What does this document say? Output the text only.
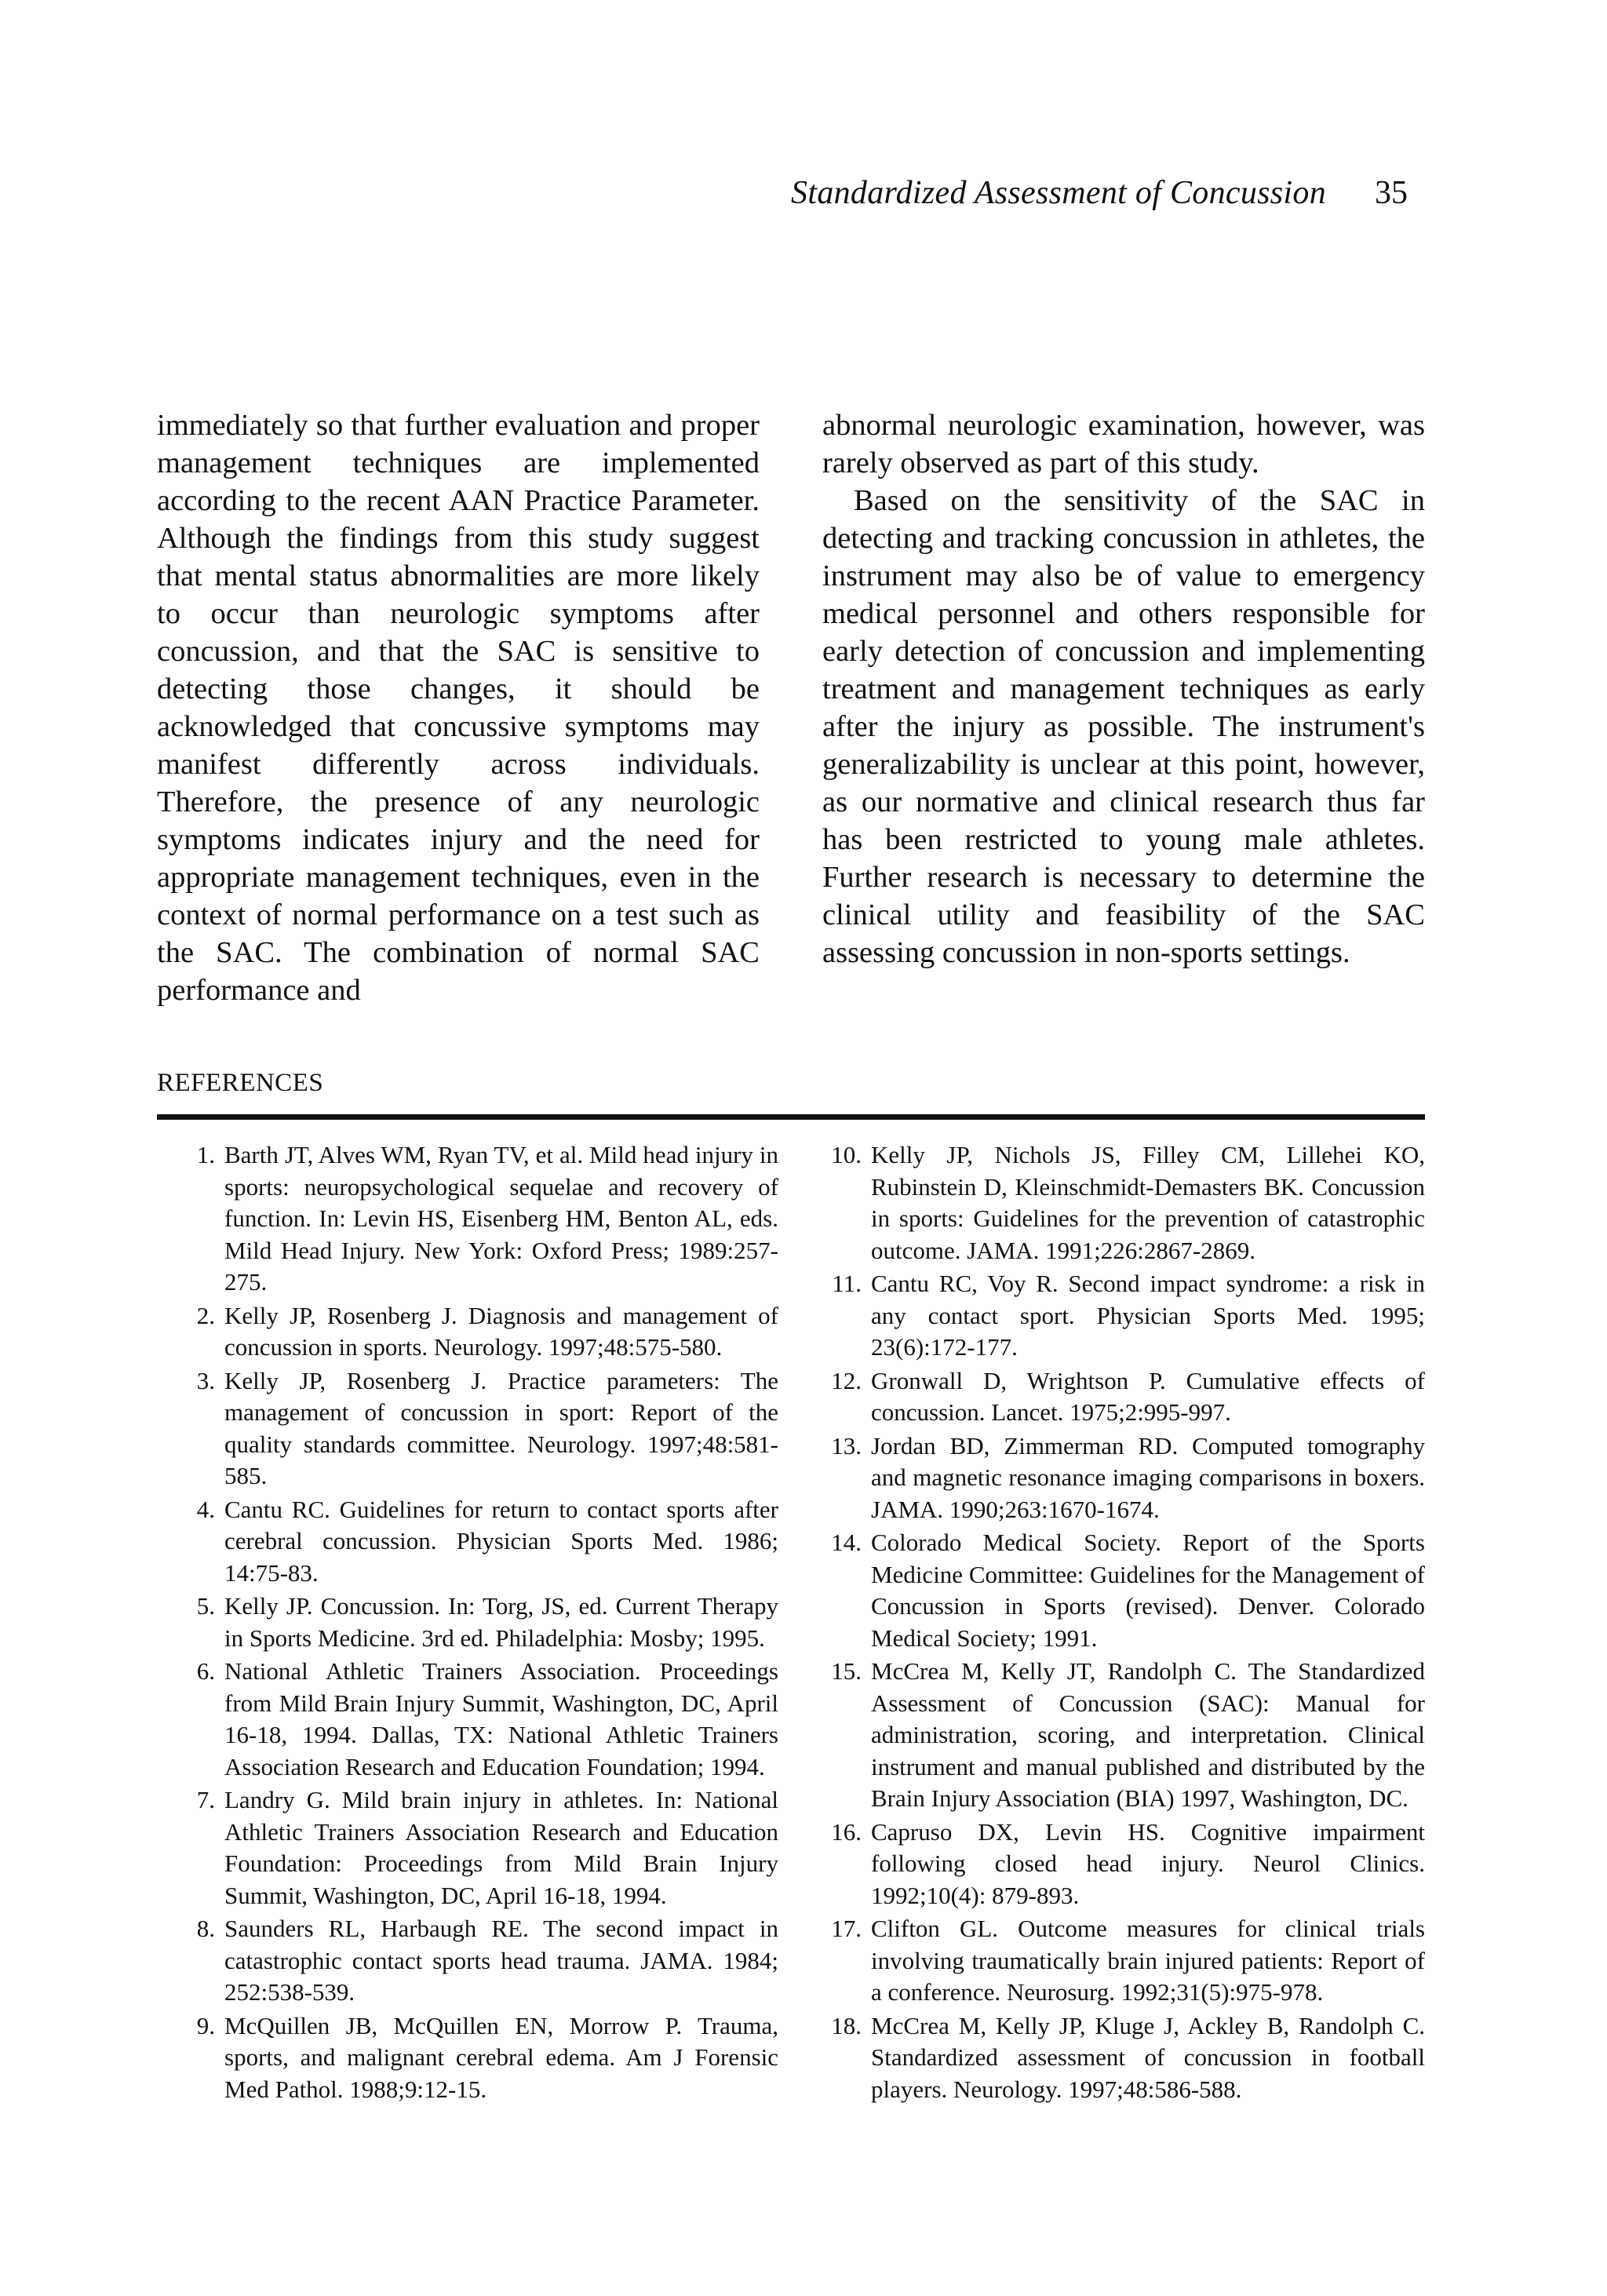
Standardized Assessment of Concussion 35

immediately so that further evaluation and proper management techniques are implemented according to the recent AAN Practice Parameter. Although the findings from this study suggest that mental status abnormalities are more likely to occur than neurologic symptoms after concussion, and that the SAC is sensitive to detecting those changes, it should be acknowledged that concussive symptoms may manifest differently across individuals. Therefore, the presence of any neurologic symptoms indicates injury and the need for appropriate management techniques, even in the context of normal performance on a test such as the SAC. The combination of normal SAC performance and

abnormal neurologic examination, however, was rarely observed as part of this study.

Based on the sensitivity of the SAC in detecting and tracking concussion in athletes, the instrument may also be of value to emergency medical personnel and others responsible for early detection of concussion and implementing treatment and management techniques as early after the injury as possible. The instrument's generalizability is unclear at this point, however, as our normative and clinical research thus far has been restricted to young male athletes. Further research is necessary to determine the clinical utility and feasibility of the SAC assessing concussion in non-sports settings.

REFERENCES
1. Barth JT, Alves WM, Ryan TV, et al. Mild head injury in sports: neuropsychological sequelae and recovery of function. In: Levin HS, Eisenberg HM, Benton AL, eds. Mild Head Injury. New York: Oxford Press; 1989:257-275.
2. Kelly JP, Rosenberg J. Diagnosis and management of concussion in sports. Neurology. 1997;48:575-580.
3. Kelly JP, Rosenberg J. Practice parameters: The management of concussion in sport: Report of the quality standards committee. Neurology. 1997;48:581-585.
4. Cantu RC. Guidelines for return to contact sports after cerebral concussion. Physician Sports Med. 1986; 14:75-83.
5. Kelly JP. Concussion. In: Torg, JS, ed. Current Therapy in Sports Medicine. 3rd ed. Philadelphia: Mosby; 1995.
6. National Athletic Trainers Association. Proceedings from Mild Brain Injury Summit, Washington, DC, April 16-18, 1994. Dallas, TX: National Athletic Trainers Association Research and Education Foundation; 1994.
7. Landry G. Mild brain injury in athletes. In: National Athletic Trainers Association Research and Education Foundation: Proceedings from Mild Brain Injury Summit, Washington, DC, April 16-18, 1994.
8. Saunders RL, Harbaugh RE. The second impact in catastrophic contact sports head trauma. JAMA. 1984; 252:538-539.
9. McQuillen JB, McQuillen EN, Morrow P. Trauma, sports, and malignant cerebral edema. Am J Forensic Med Pathol. 1988;9:12-15.
10. Kelly JP, Nichols JS, Filley CM, Lillehei KO, Rubinstein D, Kleinschmidt-Demasters BK. Concussion in sports: Guidelines for the prevention of catastrophic outcome. JAMA. 1991;226:2867-2869.
11. Cantu RC, Voy R. Second impact syndrome: a risk in any contact sport. Physician Sports Med. 1995; 23(6):172-177.
12. Gronwall D, Wrightson P. Cumulative effects of concussion. Lancet. 1975;2:995-997.
13. Jordan BD, Zimmerman RD. Computed tomography and magnetic resonance imaging comparisons in boxers. JAMA. 1990;263:1670-1674.
14. Colorado Medical Society. Report of the Sports Medicine Committee: Guidelines for the Management of Concussion in Sports (revised). Denver. Colorado Medical Society; 1991.
15. McCrea M, Kelly JT, Randolph C. The Standardized Assessment of Concussion (SAC): Manual for administration, scoring, and interpretation. Clinical instrument and manual published and distributed by the Brain Injury Association (BIA) 1997, Washington, DC.
16. Capruso DX, Levin HS. Cognitive impairment following closed head injury. Neurol Clinics. 1992;10(4): 879-893.
17. Clifton GL. Outcome measures for clinical trials involving traumatically brain injured patients: Report of a conference. Neurosurg. 1992;31(5):975-978.
18. McCrea M, Kelly JP, Kluge J, Ackley B, Randolph C. Standardized assessment of concussion in football players. Neurology. 1997;48:586-588.
